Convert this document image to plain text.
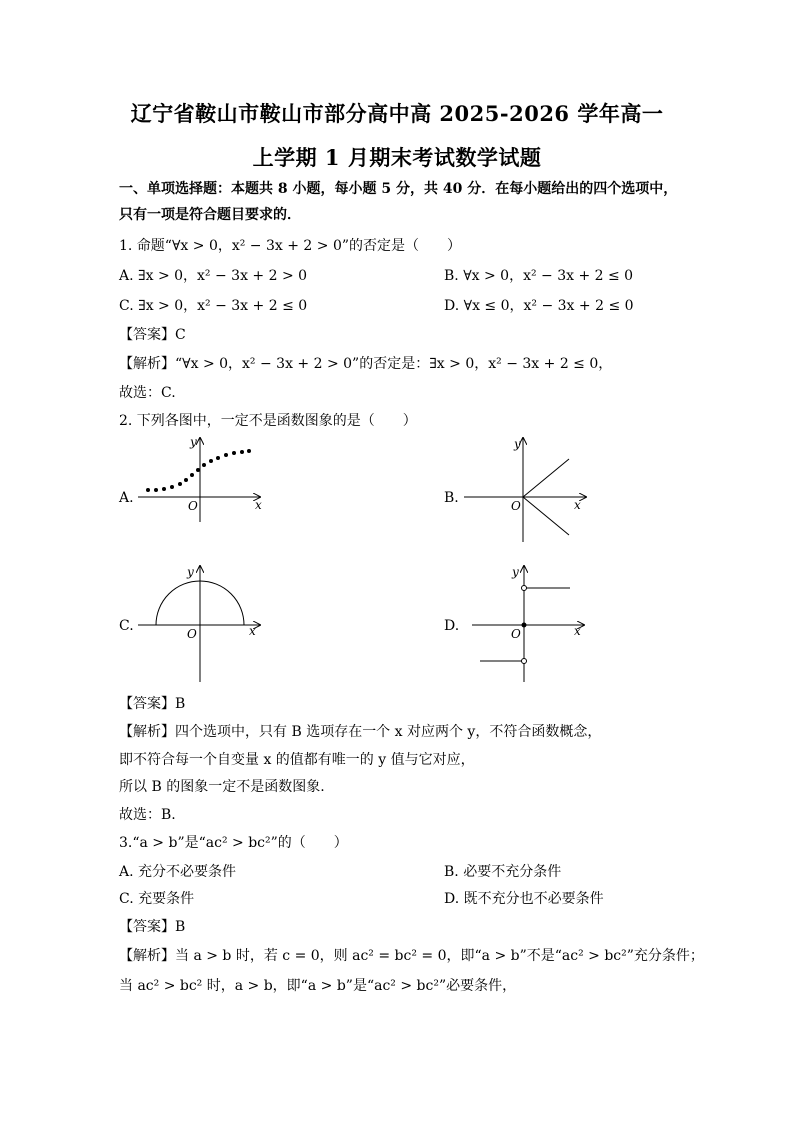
辽宁省鞍山市鞍山市部分高中高 2025-2026 学年高一
上学期 1 月期末考试数学试题
一、单项选择题：本题共 8 小题，每小题 5 分，共 40 分．在每小题给出的四个选项中，
只有一项是符合题目要求的．
1. 命题“∀x > 0，x² − 3x + 2 > 0”的否定是（　　）
A. ∃x > 0，x² − 3x + 2 > 0	B. ∀x > 0，x² − 3x + 2 ≤ 0
C. ∃x > 0，x² − 3x + 2 ≤ 0	D. ∀x ≤ 0，x² − 3x + 2 ≤ 0
【答案】C
【解析】“∀x > 0，x² − 3x + 2 > 0”的否定是：∃x > 0，x² − 3x + 2 ≤ 0，
故选：C.
2. 下列各图中，一定不是函数图象的是（　　）
A.	x
y
O	B.	x
y
O
C.	x
y
O	D.	x
y
O
【答案】B
【解析】四个选项中，只有 B 选项存在一个 x 对应两个 y，不符合函数概念，
即不符合每一个自变量 x 的值都有唯一的 y 值与它对应，
所以 B 的图象一定不是函数图象.
故选：B.
3.“a > b”是“ac² > bc²”的（　　）
A. 充分不必要条件	B. 必要不充分条件
C. 充要条件	D. 既不充分也不必要条件
【答案】B
【解析】当 a > b 时，若 c = 0，则 ac² = bc² = 0，即“a > b”不是“ac² > bc²”充分条件；
当 ac² > bc² 时，a > b，即“a > b”是“ac² > bc²”必要条件，
